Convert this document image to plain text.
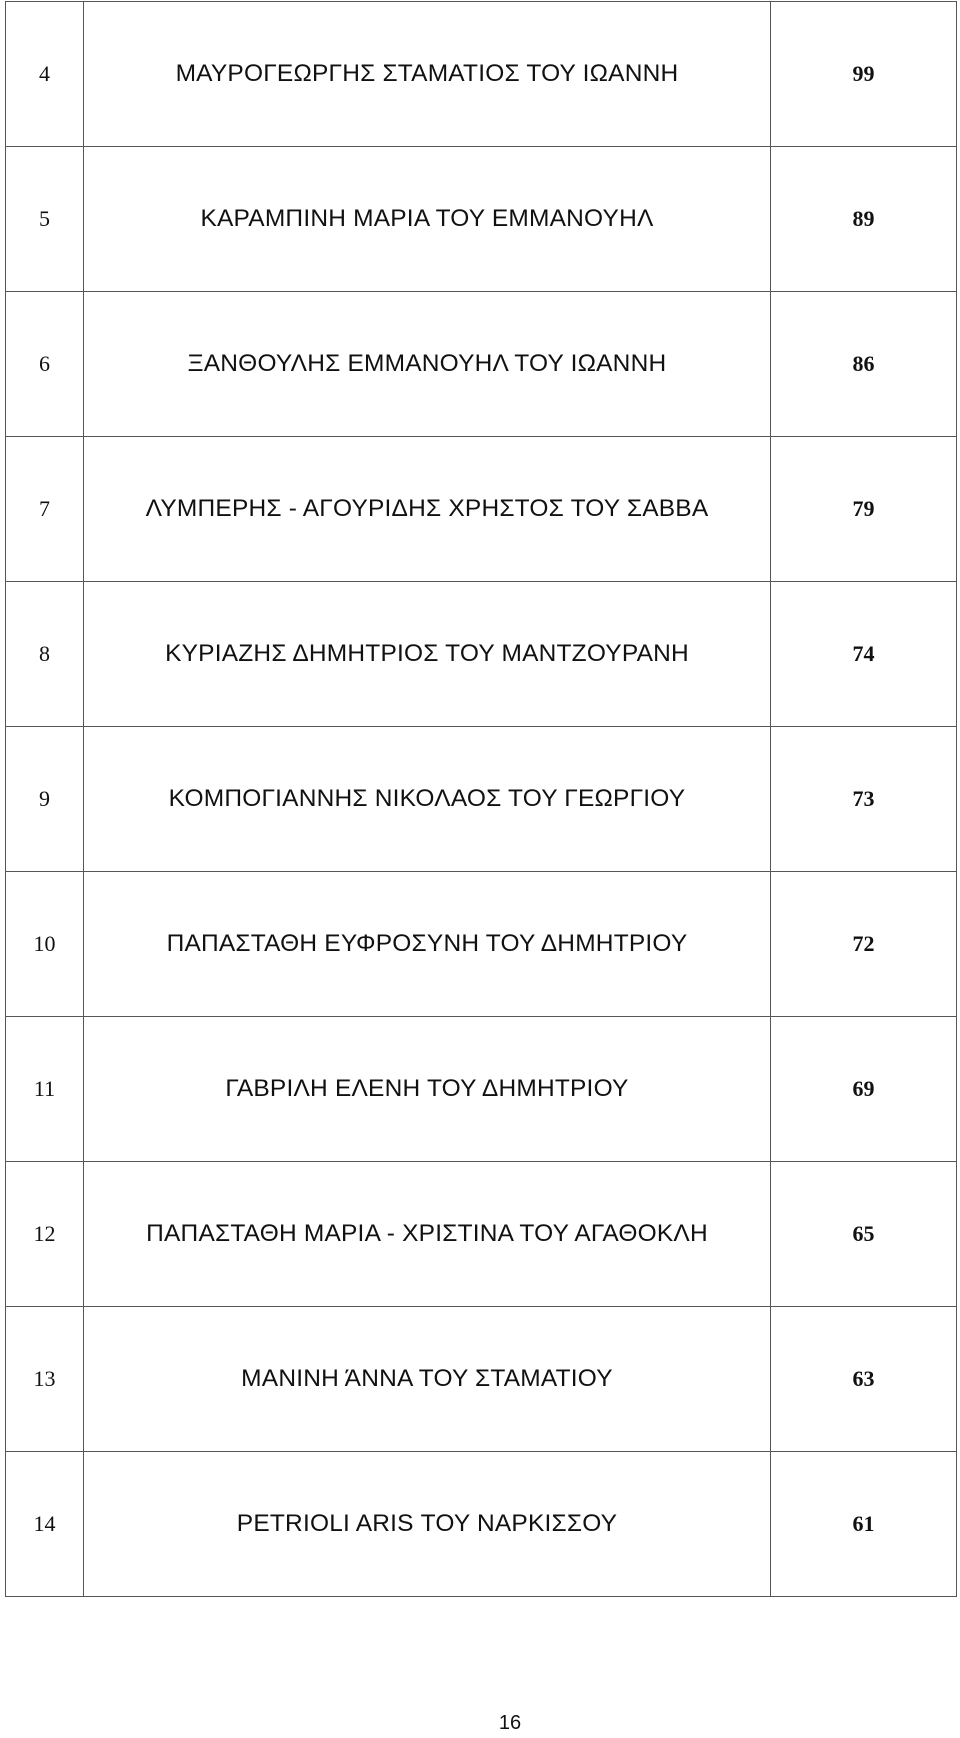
4	ΜΑΥΡΟΓΕΩΡΓΗΣ ΣΤΑΜΑΤΙΟΣ ΤΟΥ ΙΩΑΝΝΗ	99
5	ΚΑΡΑΜΠΙΝΗ ΜΑΡΙΑ ΤΟΥ ΕΜΜΑΝΟΥΗΛ	89
6	ΞΑΝΘΟΥΛΗΣ ΕΜΜΑΝΟΥΗΛ ΤΟΥ ΙΩΑΝΝΗ	86
7	ΛΥΜΠΕΡΗΣ - ΑΓΟΥΡΙΔΗΣ ΧΡΗΣΤΟΣ ΤΟΥ ΣΑΒΒΑ	79
8	ΚΥΡΙΑΖΗΣ ΔΗΜΗΤΡΙΟΣ ΤΟΥ ΜΑΝΤΖΟΥΡΑΝΗ	74
9	ΚΟΜΠΟΓΙΑΝΝΗΣ ΝΙΚΟΛΑΟΣ ΤΟΥ ΓΕΩΡΓΙΟΥ	73
10	ΠΑΠΑΣΤΑΘΗ ΕΥΦΡΟΣΥΝΗ ΤΟΥ ΔΗΜΗΤΡΙΟΥ	72
11	ΓΑΒΡΙΛΗ ΕΛΕΝΗ ΤΟΥ ΔΗΜΗΤΡΙΟΥ	69
12	ΠΑΠΑΣΤΑΘΗ ΜΑΡΙΑ - ΧΡΙΣΤΙΝΑ ΤΟΥ ΑΓΑΘΟΚΛΗ	65
13	ΜΑΝΙΝΗ ΆΝΝΑ ΤΟΥ ΣΤΑΜΑΤΙΟΥ	63
14	PETRIOLI ARIS ΤΟΥ ΝΑΡΚΙΣΣΟΥ	61
16
